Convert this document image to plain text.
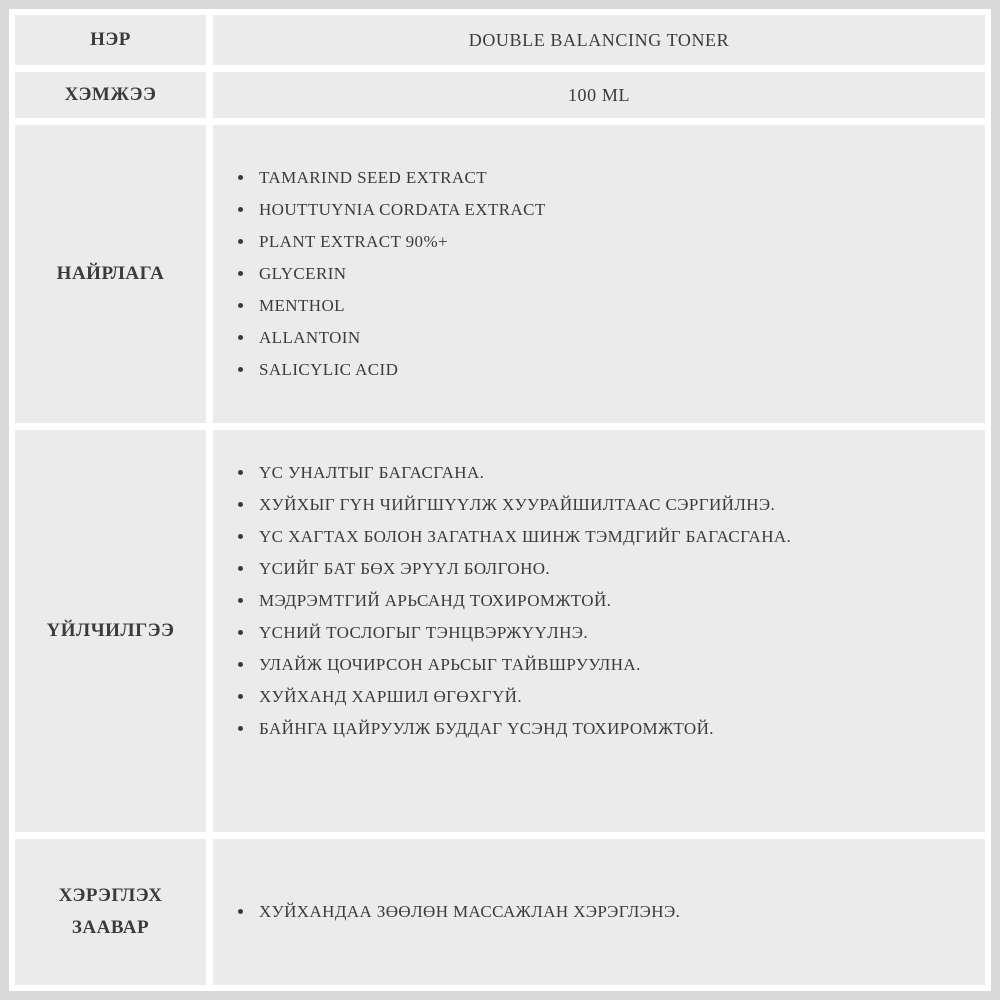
НЭР	DOUBLE BALANCING TONER
ХЭМЖЭЭ	100 ML
НАЙРЛАГА
• TAMARIND SEED EXTRACT
• HOUTTUYNIA CORDATA EXTRACT
• PLANT EXTRACT 90%+
• GLYCERIN
• MENTHOL
• ALLANTOIN
• SALICYLIC ACID
ҮЙЛЧИЛГЭЭ
• ҮС УНАЛТЫГ БАГАСГАНА.
• ХУЙХЫГ ГҮН ЧИЙГШҮҮЛЖ ХУУРАЙШИЛТААС СЭРГИЙЛНЭ.
• ҮС ХАГТАХ БОЛОН ЗАГАТНАХ ШИНЖ ТЭМДГИЙГ БАГАСГАНА.
• ҮСИЙГ БАТ БӨХ ЭРҮҮЛ БОЛГОНО.
• МЭДРЭМТГИЙ АРЬСАНД ТОХИРОМЖТОЙ.
• ҮСНИЙ ТОСЛОГЫГ ТЭНЦВЭРЖҮҮЛНЭ.
• УЛАЙЖ ЦОЧИРСОН АРЬСЫГ ТАЙВШРУУЛНА.
• ХУЙХАНД ХАРШИЛ ӨГӨХГҮЙ.
• БАЙНГА ЦАЙРУУЛЖ БУДДАГ ҮСЭНД ТОХИРОМЖТОЙ.
ХЭРЭГЛЭХ ЗААВАР
• ХУЙХАНДАА ЗӨӨЛӨН МАССАЖЛАН ХЭРЭГЛЭНЭ.
